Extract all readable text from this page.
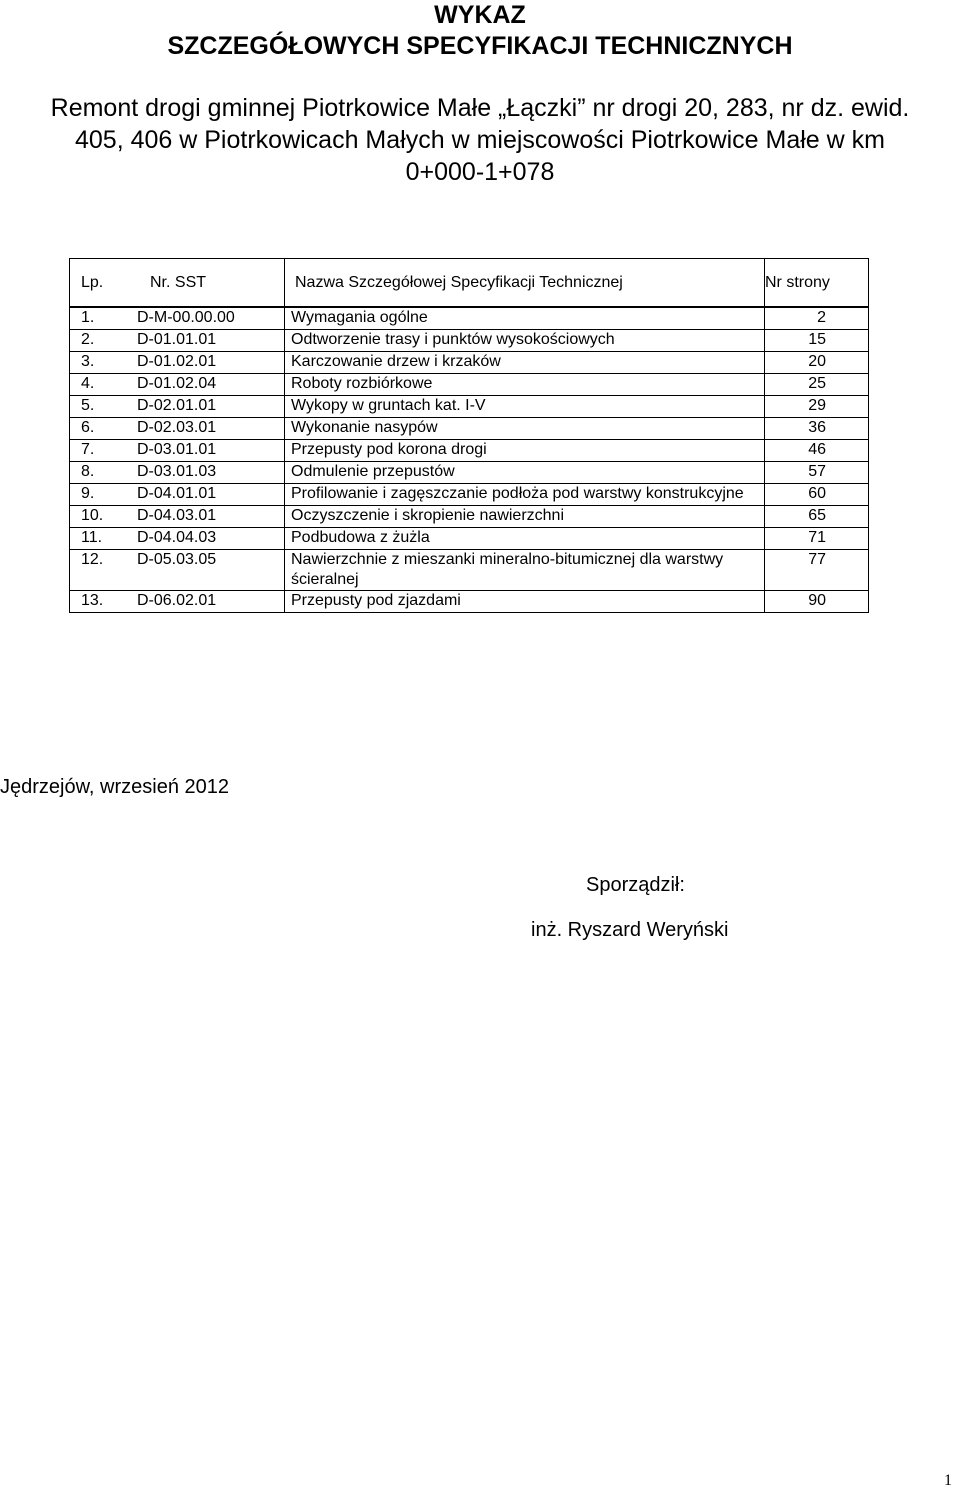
WYKAZ
SZCZEGÓŁOWYCH SPECYFIKACJI TECHNICZNYCH
Remont drogi gminnej Piotrkowice Małe „Łączki” nr drogi 20, 283, nr dz. ewid.
405, 406 w Piotrkowicach Małych w miejscowości Piotrkowice Małe w km
0+000-1+078
Lp.	Nr. SST	Nazwa Szczegółowej Specyfikacji Technicznej	Nr strony
1.	D-M-00.00.00	Wymagania ogólne	2
2.	D-01.01.01	Odtworzenie trasy i punktów wysokościowych	15
3.	D-01.02.01	Karczowanie drzew i krzaków	20
4.	D-01.02.04	Roboty rozbiórkowe	25
5.	D-02.01.01	Wykopy w gruntach kat. I-V	29
6.	D-02.03.01	Wykonanie nasypów	36
7.	D-03.01.01	Przepusty pod korona drogi	46
8.	D-03.01.03	Odmulenie przepustów	57
9.	D-04.01.01	Profilowanie i zagęszczanie podłoża pod warstwy konstrukcyjne	60
10.	D-04.03.01	Oczyszczenie i skropienie nawierzchni	65
11.	D-04.04.03	Podbudowa z żużla	71
12.	D-05.03.05	Nawierzchnie z mieszanki mineralno-bitumicznej dla warstwy ścieralnej	77
13.	D-06.02.01	Przepusty pod zjazdami	90
Jędrzejów, wrzesień 2012
Sporządził:
inż. Ryszard Weryński
1
